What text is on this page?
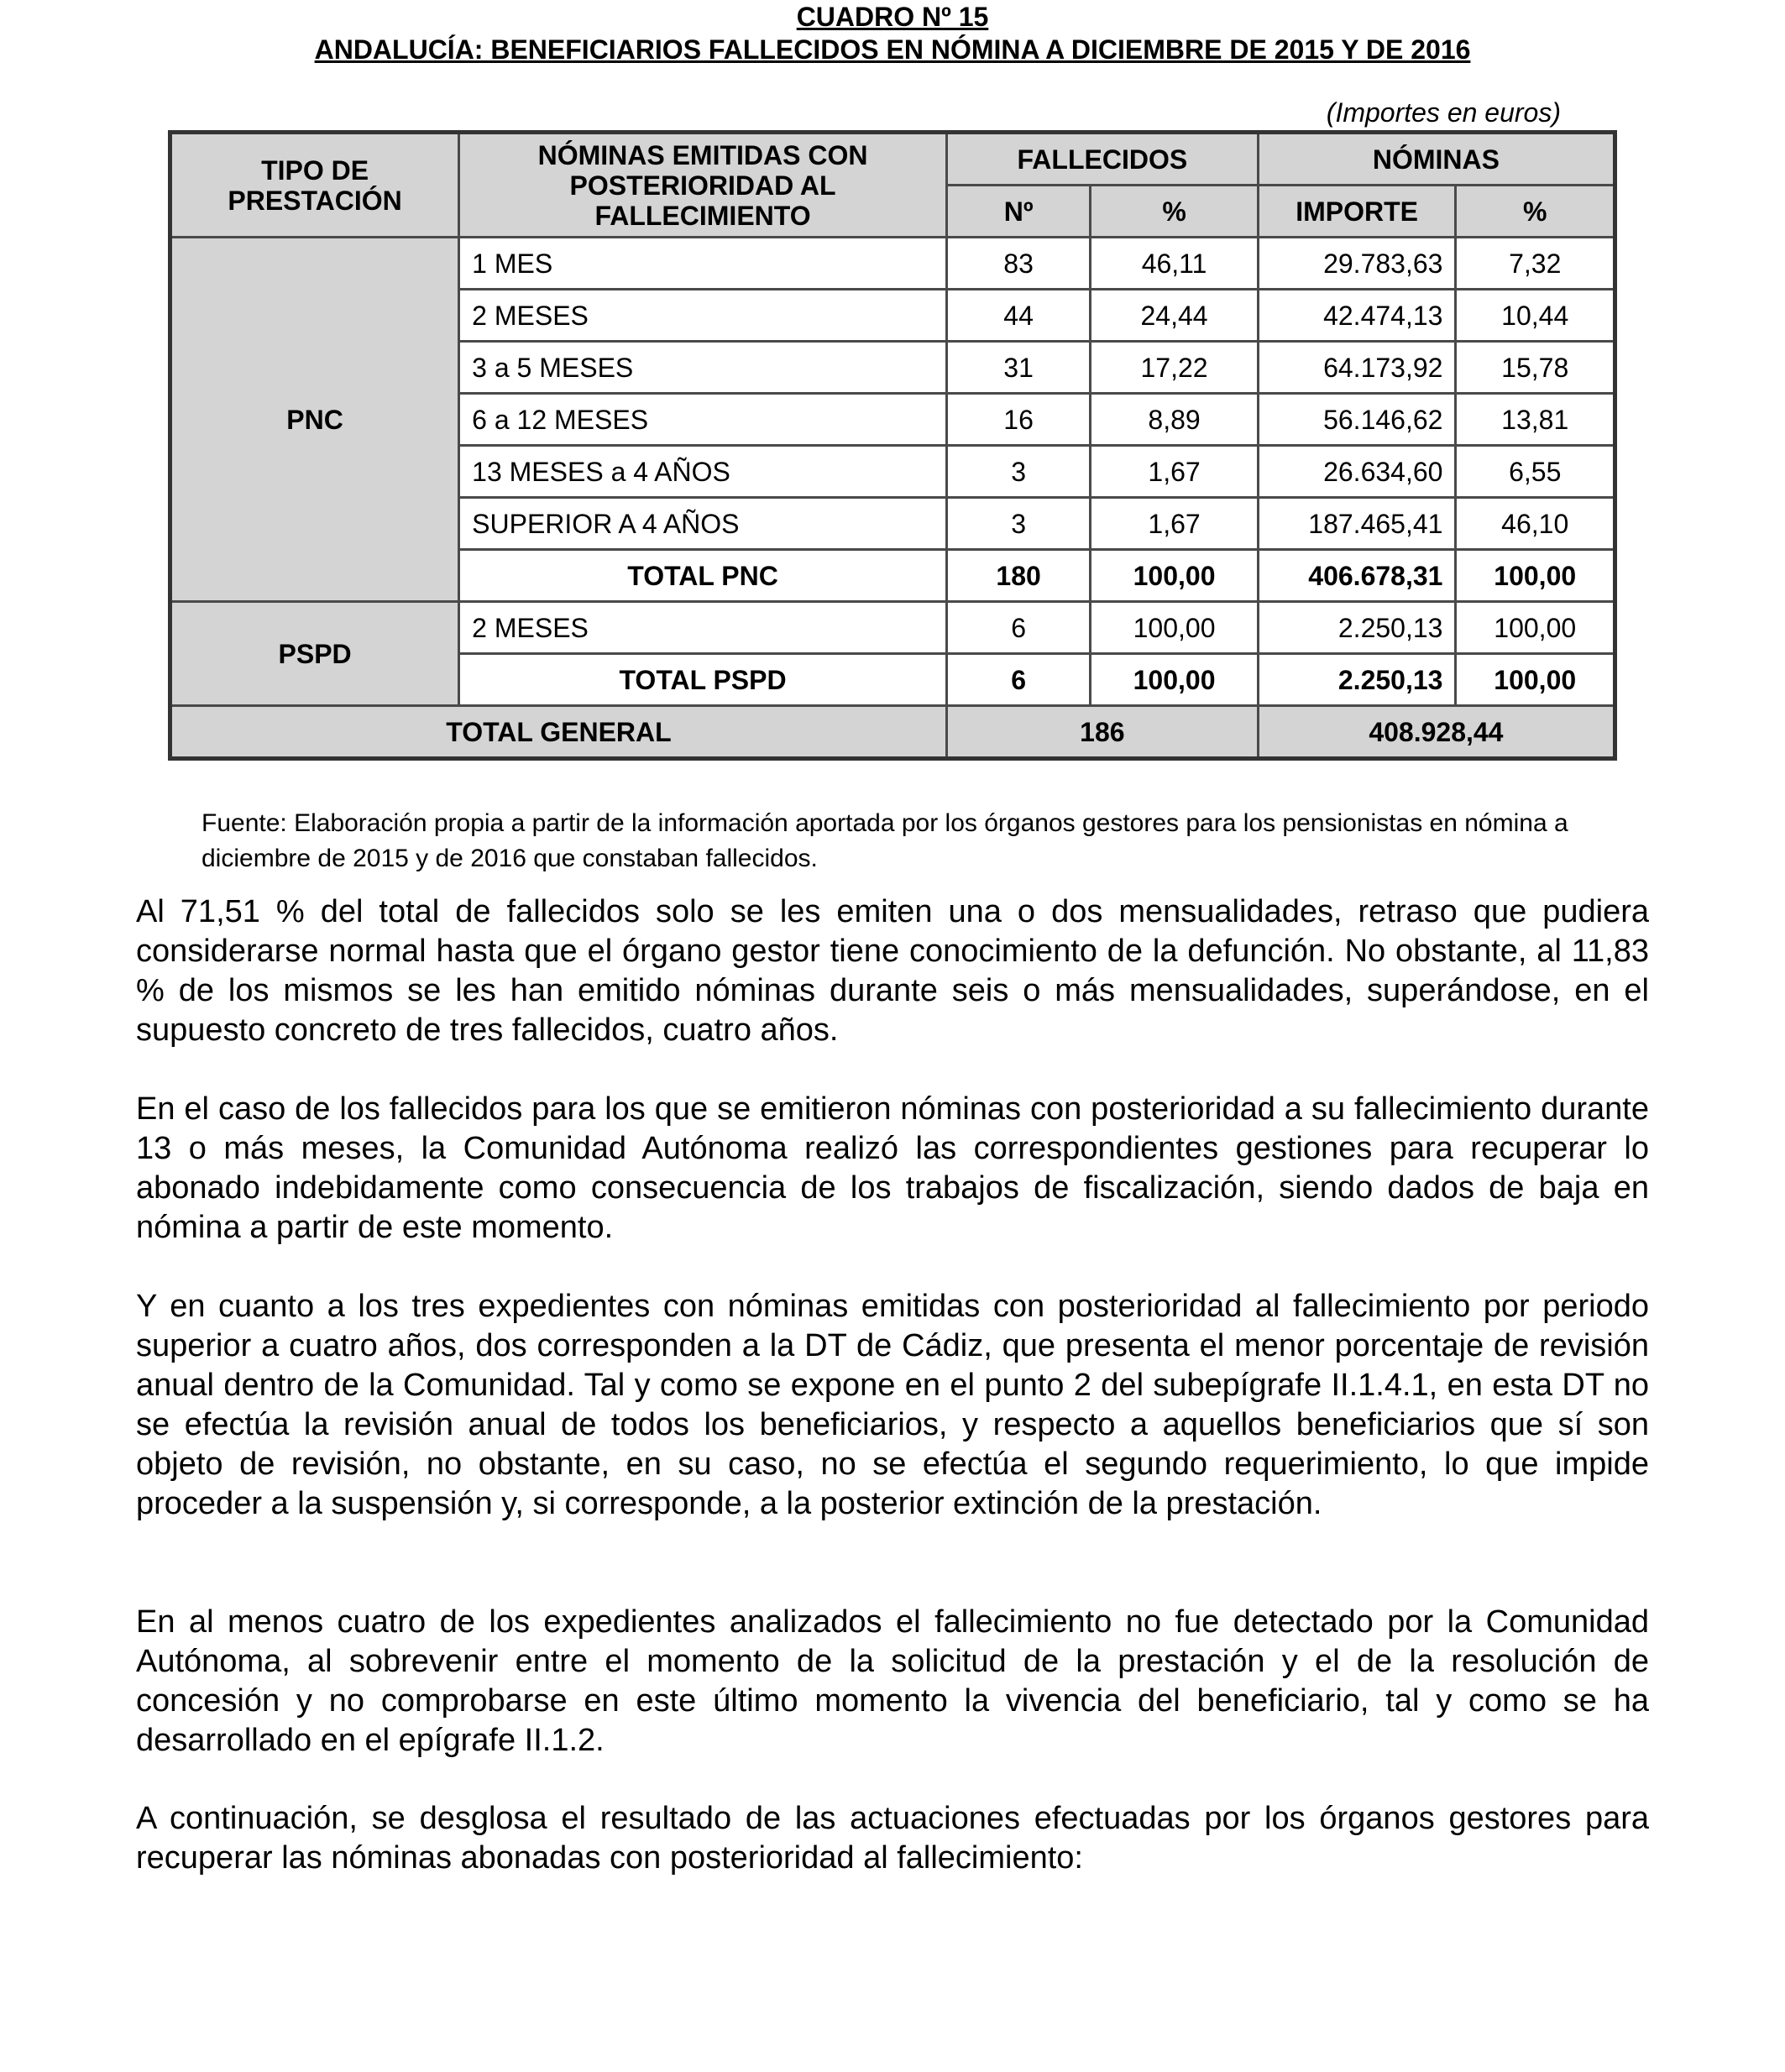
CUADRO Nº 15
ANDALUCÍA: BENEFICIARIOS FALLECIDOS EN NÓMINA A DICIEMBRE DE 2015 Y DE 2016
(Importes en euros)
TIPO DE PRESTACIÓN	NÓMINAS EMITIDAS CON POSTERIORIDAD AL FALLECIMIENTO	FALLECIDOS		NÓMINAS	
		Nº	%	IMPORTE	%
PNC	1 MES	83	46,11	29.783,63	7,32
	2 MESES	44	24,44	42.474,13	10,44
	3 a 5 MESES	31	17,22	64.173,92	15,78
	6 a 12 MESES	16	8,89	56.146,62	13,81
	13 MESES a 4 AÑOS	3	1,67	26.634,60	6,55
	SUPERIOR A 4 AÑOS	3	1,67	187.465,41	46,10
	TOTAL PNC	180	100,00	406.678,31	100,00
PSPD	2 MESES	6	100,00	2.250,13	100,00
	TOTAL PSPD	6	100,00	2.250,13	100,00
TOTAL GENERAL		186		408.928,44	
Fuente: Elaboración propia a partir de la información aportada por los órganos gestores para los pensionistas en nómina a diciembre de 2015 y de 2016 que constaban fallecidos.

Al 71,51 % del total de fallecidos solo se les emiten una o dos mensualidades, retraso que pudiera considerarse normal hasta que el órgano gestor tiene conocimiento de la defunción. No obstante, al 11,83 % de los mismos se les han emitido nóminas durante seis o más mensualidades, superándose, en el supuesto concreto de tres fallecidos, cuatro años.

En el caso de los fallecidos para los que se emitieron nóminas con posterioridad a su fallecimiento durante 13 o más meses, la Comunidad Autónoma realizó las correspondientes gestiones para recuperar lo abonado indebidamente como consecuencia de los trabajos de fiscalización, siendo dados de baja en nómina a partir de este momento.

Y en cuanto a los tres expedientes con nóminas emitidas con posterioridad al fallecimiento por periodo superior a cuatro años, dos corresponden a la DT de Cádiz, que presenta el menor porcentaje de revisión anual dentro de la Comunidad. Tal y como se expone en el punto 2 del subepígrafe II.1.4.1, en esta DT no se efectúa la revisión anual de todos los beneficiarios, y respecto a aquellos beneficiarios que sí son objeto de revisión, no obstante, en su caso, no se efectúa el segundo requerimiento, lo que impide proceder a la suspensión y, si corresponde, a la posterior extinción de la prestación.

En al menos cuatro de los expedientes analizados el fallecimiento no fue detectado por la Comunidad Autónoma, al sobrevenir entre el momento de la solicitud de la prestación y el de la resolución de concesión y no comprobarse en este último momento la vivencia del beneficiario, tal y como se ha desarrollado en el epígrafe II.1.2.

A continuación, se desglosa el resultado de las actuaciones efectuadas por los órganos gestores para recuperar las nóminas abonadas con posterioridad al fallecimiento:
